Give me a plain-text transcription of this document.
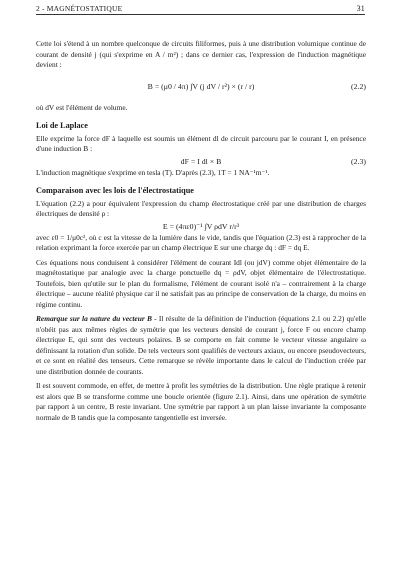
2 - MAGNÉTOSTATIQUE	31

Cette loi s'étend à un nombre quelconque de circuits filiformes, puis à une distribution volumique continue de courant de densité j (qui s'exprime en A / m²) ; dans ce dernier cas, l'expression de l'induction magnétique devient :

B = (μ0 / 4π) ∫V (j dV / r²) × (r / r)	(2.2)

où dV est l'élément de volume.

Loi de Laplace

Elle exprime la force dF à laquelle est soumis un élément dl de circuit parcouru par le courant I, en présence d'une induction B :

dF = I dl × B	(2.3)

L'induction magnétique s'exprime en tesla (T). D'après (2.3), 1T = 1 NA⁻¹m⁻¹.

Comparaison avec les lois de l'électrostatique

L'équation (2.2) a pour équivalent l'expression du champ électrostatique créé par une distribution de charges électriques de densité ρ :

E = (4πε0)⁻¹ ∫V ρdV r/r³

avec ε0 = 1/μ0c², où c est la vitesse de la lumière dans le vide, tandis que l'équation (2.3) est à rapprocher de la relation exprimant la force exercée par un champ électrique E sur une charge dq : dF = dq E.

Ces équations nous conduisent à considérer l'élément de courant Idl (ou jdV) comme objet élémentaire de la magnétostatique par analogie avec la charge ponctuelle dq = ρdV, objet élémentaire de l'électrostatique. Toutefois, bien qu'utile sur le plan du formalisme, l'élément de courant isolé n'a – contrairement à la charge électrique – aucune réalité physique car il ne satisfait pas au principe de conservation de la charge, du moins en régime continu.

Remarque sur la nature du vecteur B - Il résulte de la définition de l'induction (équations 2.1 ou 2.2) qu'elle n'obéit pas aux mêmes règles de symétrie que les vecteurs densité de courant j, force F ou encore champ électrique E, qui sont des vecteurs polaires. B se comporte en fait comme le vecteur vitesse angulaire ω définissant la rotation d'un solide. De tels vecteurs sont qualifiés de vecteurs axiaux, ou encore pseudovecteurs, et ce sont en réalité des tenseurs. Cette remarque se révèle importante dans le calcul de l'induction créée par une distribution donnée de courants.

Il est souvent commode, en effet, de mettre à profit les symétries de la distribution. Une règle pratique à retenir est alors que B se transforme comme une boucle orientée (figure 2.1). Ainsi, dans une opération de symétrie par rapport à un centre, B reste invariant. Une symétrie par rapport à un plan laisse invariante la composante normale de B tandis que la composante tangentielle est inversée.
